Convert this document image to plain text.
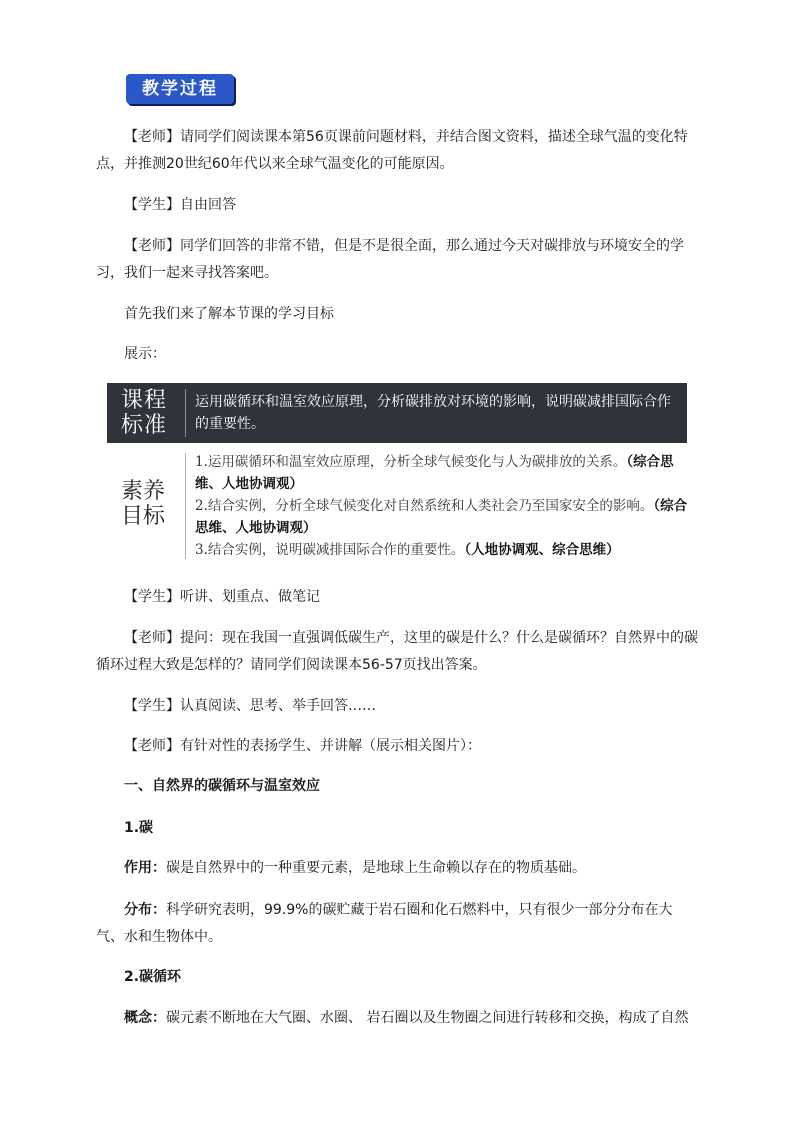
教学过程

【老师】请同学们阅读课本第56页课前问题材料，并结合图文资料，描述全球气温的变化特点，并推测20世纪60年代以来全球气温变化的可能原因。

【学生】自由回答

【老师】同学们回答的非常不错，但是不是很全面，那么通过今天对碳排放与环境安全的学习，我们一起来寻找答案吧。

首先我们来了解本节课的学习目标

展示：

课程标准
运用碳循环和温室效应原理，分析碳排放对环境的影响，说明碳减排国际合作的重要性。
素养目标
1.运用碳循环和温室效应原理，分析全球气候变化与人为碳排放的关系。（综合思维、人地协调观）
2.结合实例，分析全球气候变化对自然系统和人类社会乃至国家安全的影响。（综合思维、人地协调观）
3.结合实例，说明碳减排国际合作的重要性。（人地协调观、综合思维）

【学生】听讲、划重点、做笔记

【老师】提问：现在我国一直强调低碳生产，这里的碳是什么？什么是碳循环？自然界中的碳循环过程大致是怎样的？请同学们阅读课本56-57页找出答案。

【学生】认真阅读、思考、举手回答……

【老师】有针对性的表扬学生、并讲解（展示相关图片）：

一、自然界的碳循环与温室效应

1.碳

作用：碳是自然界中的一种重要元素，是地球上生命赖以存在的物质基础。

分布：科学研究表明，99.9%的碳贮藏于岩石圈和化石燃料中，只有很少一部分分布在大气、水和生物体中。

2.碳循环

概念：碳元素不断地在大气圈、水圈、 岩石圈以及生物圈之间进行转移和交换，构成了自然
